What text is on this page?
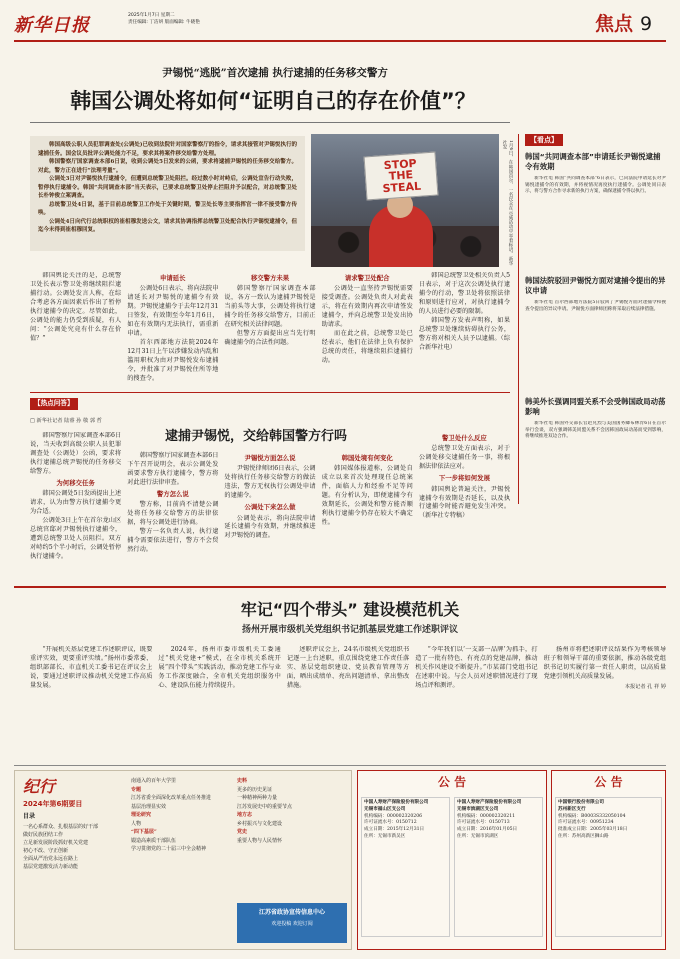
新华日报	2025年1月7日 星期二
责任编辑: 丁洁妍 版面编辑: 牛晓艳	焦点 9
尹锡悦“逃脱”首次逮捕 执行逮捕的任务移交警方
韩国公调处将如何“证明自己的存在价值”？

韩国高级公职人员犯罪调查处(公调处)已收到法院针对国家警察厅的指令，请求其接管对尹锡悦执行的逮捕任务。国会议员批评公调处能力不足，要求其将案件移交给警方处理。

韩国警察厅国家调查本部6日说，收到公调处5日发来的公函，要求将逮捕尹锡悦的任务移交给警方。对此，警方正在进行“法理考量”。

公调处3日对尹锡悦执行逮捕令，但遭到总统警卫处阻拦。经过数小时对峙后，公调处宣告行动失败，暂停执行逮捕令。韩国“共同调查本部”当天表示，已要求总统警卫处停止拦阻并予以配合，对总统警卫处长朴钟俊立案调查。

总统警卫处4日说，基于目前总统警卫工作处于关键时期，警卫处长等主要指挥官一律不接受警方传唤。

公调处4日向代行总统职权的崔相穆发送公文，请求其协调指挥总统警卫处配合执行尹锡悦逮捕令，但迄今未得到崔相穆回复。

STOP THE STEAL	1月6日，在韩国首尔，一名民众在示威活动中举着标语。新华社发

韩国舆论关注的是，总统警卫处长表示警卫处将继续阻拦逮捕行动。公调处发言人称，在综合考虑各方面因素后作出了暂停执行逮捕令的决定。尽管如此，公调处的能力仍受到质疑，有人问：“公调处究竟有什么存在价值？”

申请延长

公调处6日表示，将向法院申请延长对尹锡悦的逮捕令有效期。尹锡悦逮捕令于去年12月31日签发，有效期至今年1月6日，如在有效期内无法执行，需重新申请。

首尔西部地方法院2024年12月31日上午以涉嫌发动内乱和滥用职权为由对尹锡悦发布逮捕令，并批准了对尹锡悦住所等地的搜查令。

移交警方未果

韩国警察厅国家调查本部说，各方一致认为逮捕尹锡悦是当前头等大事，公调处将执行逮捕令的任务移交给警方，目前正在研究相关法律问题。

但警方方面提出应当先行明确逮捕令的合法性问题。

请求警卫处配合

公调处一直坚持尹锡悦需要接受调查。公调处负责人对此表示，将在有效期内再次申请签发逮捕令，并向总统警卫处发出协助请求。

而在此之前，总统警卫处已经表示，他们在法律上负有保护总统的责任，将继续阻拦逮捕行动。

韩国总统警卫处相关负责人5日表示，对于这次公调处执行逮捕令的行动，警卫处将依照法律和原则进行应对，对执行逮捕令的人员进行必要的限制。

韩国警方发表声明称，如果总统警卫处继续妨碍执行公务，警方将对相关人员予以逮捕。（综合新华社电）

【看点】
韩国“共同调查本部”申请延长尹锡悦逮捕令有效期

新华社电 韩国“共同调查本部”6日表示，已向法院申请延长对尹锡悦逮捕令的有效期，并将视情况再度执行逮捕令。公调处同日表示，将与警方合作寻求新的执行方案，确保逮捕令得以执行。

韩国法院驳回尹锡悦方面对逮捕令提出的异议申请

新华社电 首尔西部地方法院5日驳回了尹锡悦方面对逮捕令和搜查令提出的异议申请。尹锡悦方面律师团称将采取后续法律措施。

韩美外长强调同盟关系不会受韩国政局动荡影响

新华社电 韩国外交部长官赵兑烈与美国国务卿布林肯6日在首尔举行会谈，双方强调韩美同盟关系不会因韩国政局动荡而受到影响，将继续推进双边合作。

【热点问答】
□ 新华社记者 陆睿 孙 敬 郭 哲
逮捕尹锡悦，交给韩国警方行吗

韩国警察厅国家调查本部6日说，当天收到高级公职人员犯罪调查处（公调处）公函，要求将执行逮捕总统尹锡悦的任务移交给警方。

为何移交任务

韩国公调处5日发函提出上述请求，认为由警方执行逮捕令更为合适。

公调处3日上午在首尔龙山区总统官邸对尹锡悦执行逮捕令，遭到总统警卫处人员阻拦。双方对峙约5个半小时后，公调处暂停执行逮捕令。

韩国警察厅国家调查本部6日下午召开说明会，表示公调处发函要求警方执行逮捕令，警方将对此进行法律审查。

警方怎么说

警方称，目前尚不清楚公调处将任务移交给警方的法律依据，将与公调处进行协商。

警方一名负责人说，执行逮捕令需要依法进行，警方不会贸然行动。

尹锡悦方面怎么说

尹锡悦律师团6日表示，公调处将执行任务移交给警方的做法违法，警方无权执行公调处申请的逮捕令。

公调处下来怎么做

公调处表示，将向法院申请延长逮捕令有效期，并继续推进对尹锡悦的调查。

韩国处境有何变化

韩国媒体报道称，公调处自成立以来首次处理现任总统案件，面临人力和经验不足等问题。有分析认为，即便逮捕令有效期延长，公调处和警方能否顺利执行逮捕令仍存在较大不确定性。

警卫处什么反应

总统警卫处方面表示，对于公调处移交逮捕任务一事，将根据法律依法应对。

下一步将如何发展

韩国舆论普遍关注，尹锡悦逮捕令有效期是否延长，以及执行逮捕令时能否避免发生冲突。（新华社专特稿）

牢记“四个带头” 建设模范机关
扬州开展市级机关党组织书记抓基层党建工作述职评议

“开展机关基层党建工作述职评议，既要重评实效，更要重评实绩。”扬州市委常委、组织部部长、市直机关工委书记在评议会上说，要通过述职评议推动机关党建工作高质量发展。

2024年，扬州市委市级机关工委通过“机关党建+”模式，在全市机关系统开展“四个带头”实践活动，推动党建工作与业务工作深度融合，全市机关党组织服务中心、建设队伍能力持续提升。

述职评议会上，24名市级机关党组织书记逐一上台述职，重点围绕党建工作责任落实、基层党组织建设、党员教育管理等方面，晒出成绩单、亮出问题清单、拿出整改措施。

“今年我们以‘一支部一品牌’为抓手，打造了一批有特色、有亮点的党建品牌，推动机关作风建设不断提升。”市某部门党组书记在述职中说。与会人员对述职情况进行了现场点评和测评。

扬州市将把述职评议结果作为考核领导班子和领导干部的重要依据，推动各级党组织书记切实履行第一责任人职责，以高质量党建引领机关高质量发展。

本报记者 孔 祥 婷
纪行
2024年第6期要目
目录
一名心系群众、扎根基层的好干部
做好民族团结工作
立足新发展阶段抓好机关党建
初心不改、守正创新
全面从严治党永远在路上
基层党建激发活力新动能
南通入的百年大学里
专题
江苏省委全面深化改革重点任务推进
基层治理显实效
理论研究
人物
“四下基层”
锻造高素质干部队伍
学习贯彻党的二十届三中全会精神
史料
更多的历史见证
一种精神两种力量
江苏发展史中的重要节点
地方志
乡村振兴与文化建设
党史
重要人物与人民情怀
江苏省政协宣传信息中心
欢迎投稿 欢迎订阅
公 告
中国人寿财产保险股份有限公司
无锡市福山区支公司
机构编码：000002320206
许可证流水号：0150712
成立日期：2015年12月31日
住所：无锡市新吴区
中国人寿财产保险股份有限公司
无锡市滨湖区支公司
机构编码：000002320211
许可证流水号：0150713
成立日期：2016年01月05日
住所：无锡市滨湖区
公 告
中国银行股份有限公司
苏州新区支行
机构编码：B0003S332050104
许可证流水号：00951234
批准成立日期：2005年03月18日
住所：苏州高新区狮山路
